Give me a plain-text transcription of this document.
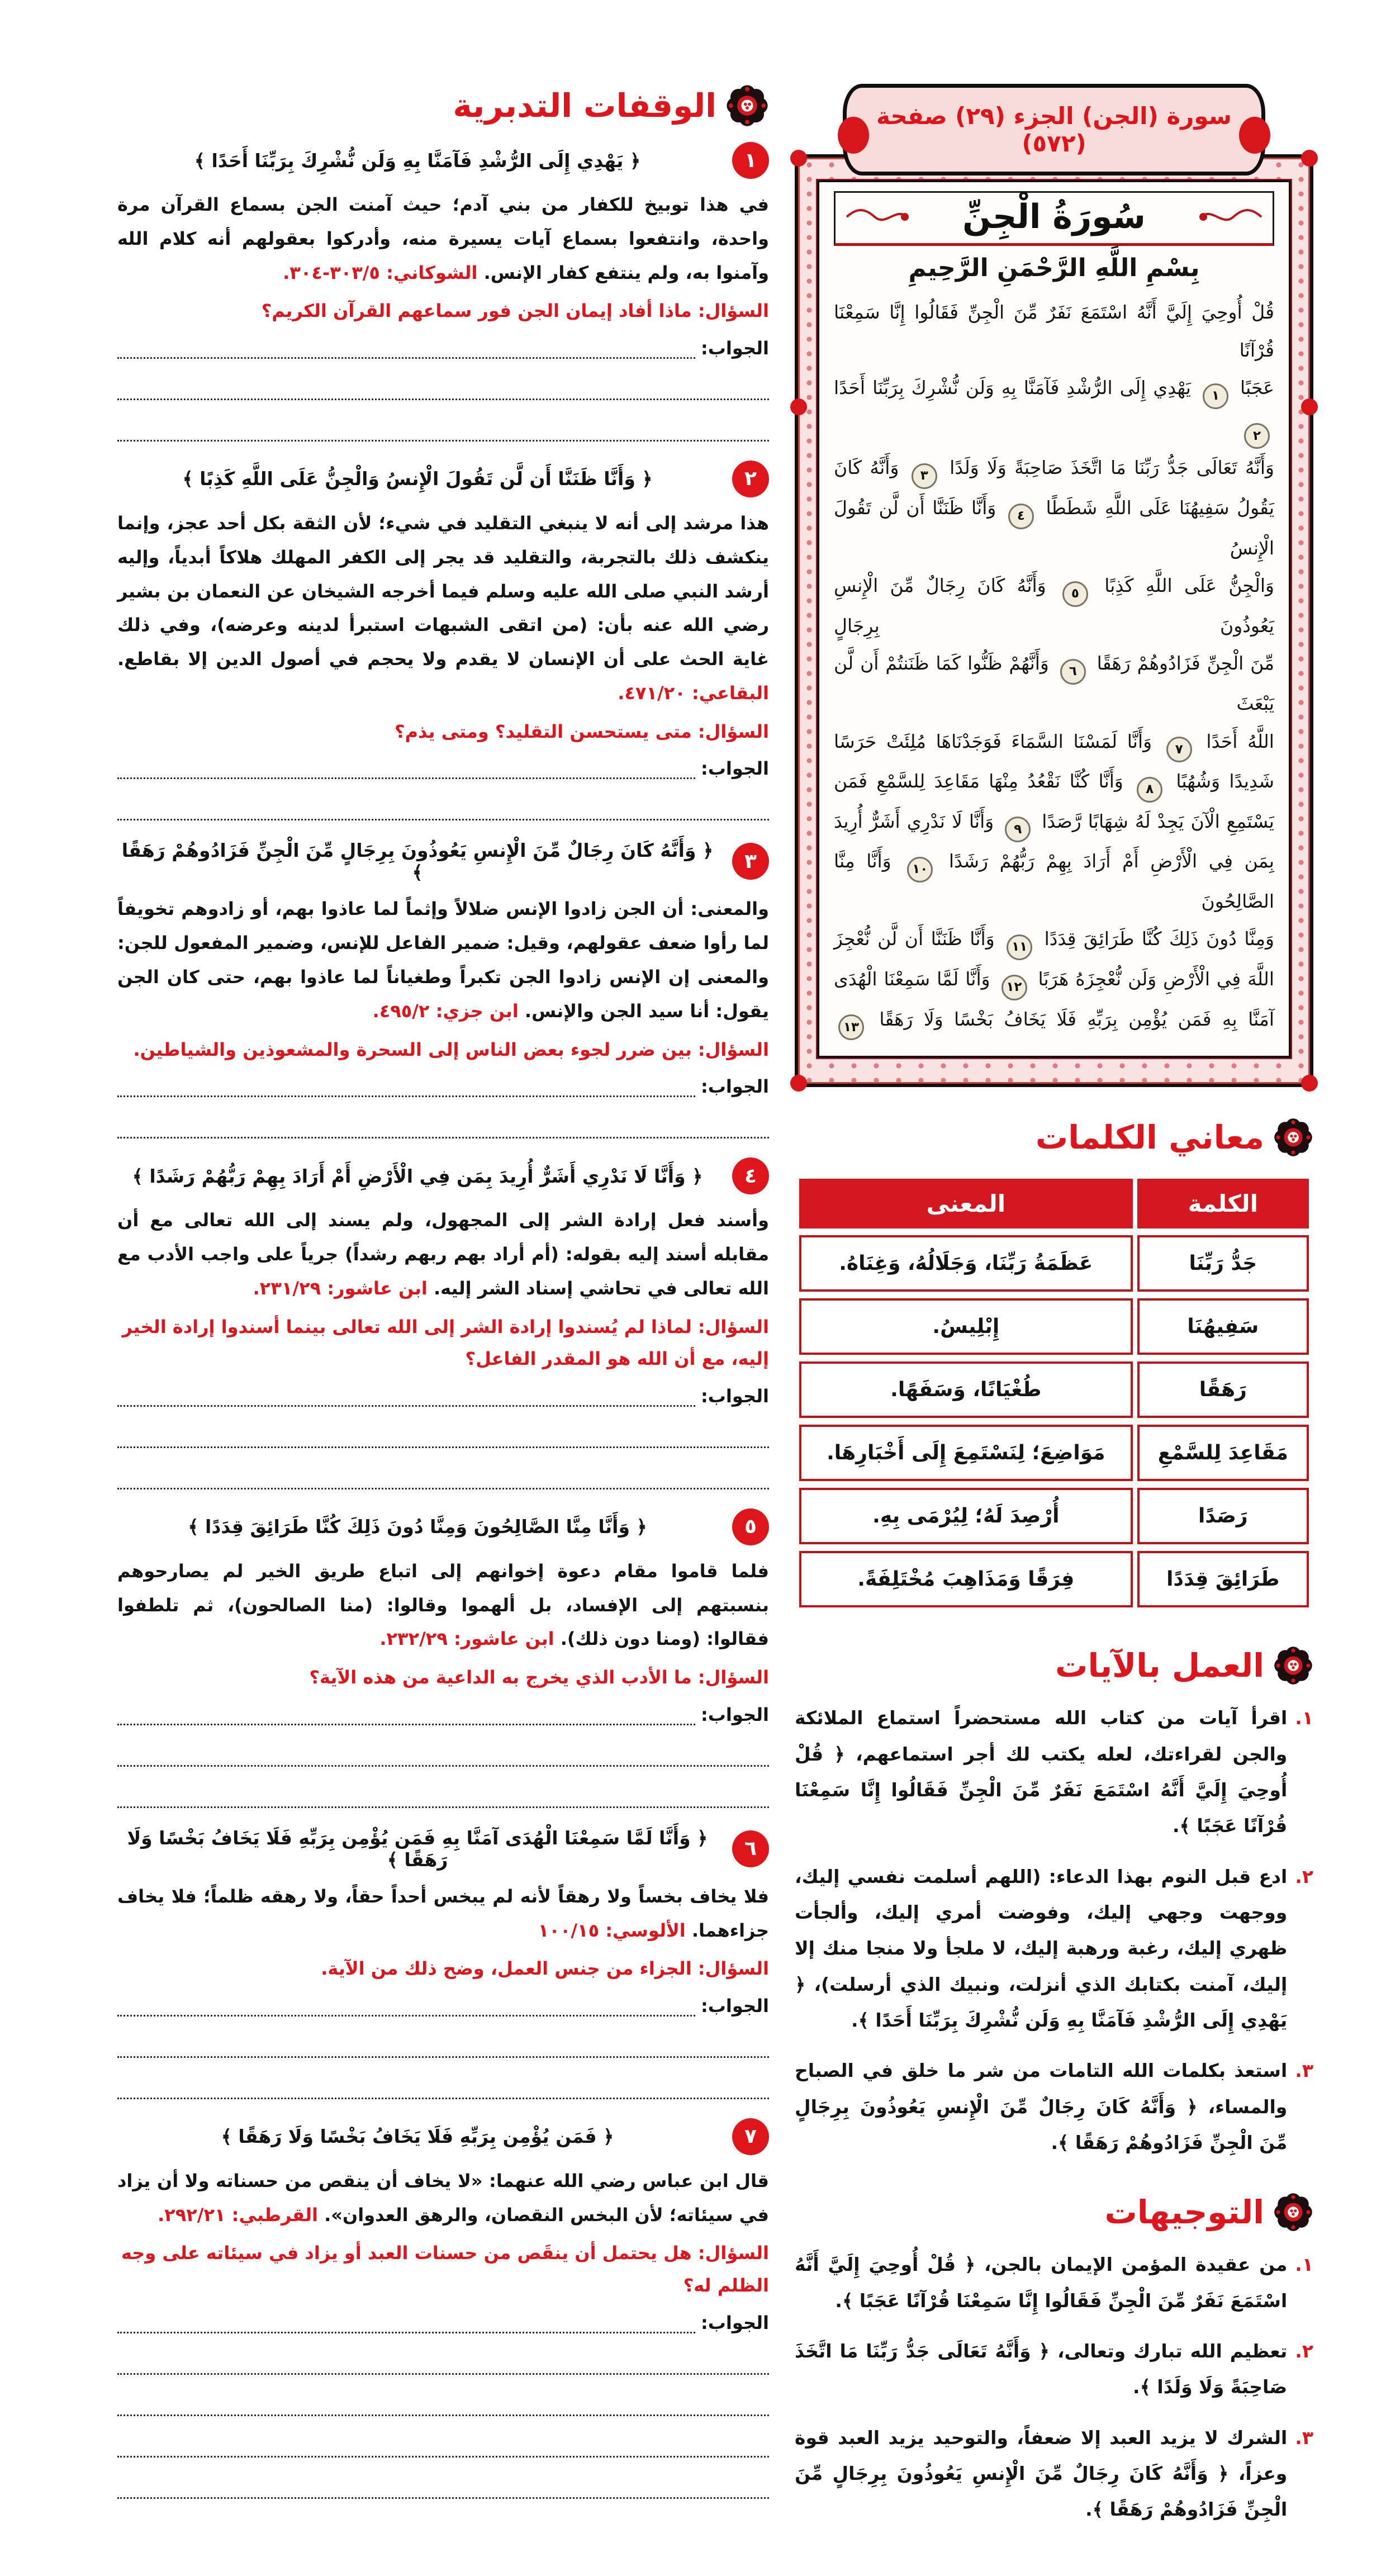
سورة (الجن) الجزء (٢٩) صفحة (٥٧٢)
سُورَةُ الْجِنِّ
بِسْمِ اللَّهِ الرَّحْمَنِ الرَّحِيمِ
قُلْ أُوحِيَ إِلَيَّ أَنَّهُ اسْتَمَعَ نَفَرٌ مِّنَ الْجِنِّ فَقَالُوا إِنَّا سَمِعْنَا قُرْآنًا
عَجَبًا ١ يَهْدِي إِلَى الرُّشْدِ فَآمَنَّا بِهِ وَلَن نُّشْرِكَ بِرَبِّنَا أَحَدًا ٢
وَأَنَّهُ تَعَالَى جَدُّ رَبِّنَا مَا اتَّخَذَ صَاحِبَةً وَلَا وَلَدًا ٣ وَأَنَّهُ كَانَ
يَقُولُ سَفِيهُنَا عَلَى اللَّهِ شَطَطًا ٤ وَأَنَّا ظَنَنَّا أَن لَّن تَقُولَ الْإِنسُ
وَالْجِنُّ عَلَى اللَّهِ كَذِبًا ٥ وَأَنَّهُ كَانَ رِجَالٌ مِّنَ الْإِنسِ يَعُوذُونَ بِرِجَالٍ
مِّنَ الْجِنِّ فَزَادُوهُمْ رَهَقًا ٦ وَأَنَّهُمْ ظَنُّوا كَمَا ظَنَنتُمْ أَن لَّن يَبْعَثَ
اللَّهُ أَحَدًا ٧ وَأَنَّا لَمَسْنَا السَّمَاءَ فَوَجَدْنَاهَا مُلِئَتْ حَرَسًا
شَدِيدًا وَشُهُبًا ٨ وَأَنَّا كُنَّا نَقْعُدُ مِنْهَا مَقَاعِدَ لِلسَّمْعِ فَمَن
يَسْتَمِعِ الْآنَ يَجِدْ لَهُ شِهَابًا رَّصَدًا ٩ وَأَنَّا لَا نَدْرِي أَشَرٌّ أُرِيدَ
بِمَن فِي الْأَرْضِ أَمْ أَرَادَ بِهِمْ رَبُّهُمْ رَشَدًا ١٠ وَأَنَّا مِنَّا الصَّالِحُونَ
وَمِنَّا دُونَ ذَلِكَ كُنَّا طَرَائِقَ قِدَدًا ١١ وَأَنَّا ظَنَنَّا أَن لَّن نُّعْجِزَ
اللَّهَ فِي الْأَرْضِ وَلَن نُّعْجِزَهُ هَرَبًا ١٢ وَأَنَّا لَمَّا سَمِعْنَا الْهُدَى
آمَنَّا بِهِ فَمَن يُؤْمِن بِرَبِّهِ فَلَا يَخَافُ بَخْسًا وَلَا رَهَقًا ١٣
معاني الكلمات
الكلمة	المعنى
جَدُّ رَبِّنَا	عَظَمَةُ رَبِّنَا، وَجَلَالُهُ، وَغِنَاهُ.
سَفِيهُنَا	إِبْلِيسُ.
رَهَقًا	طُغْيَانًا، وَسَفَهًا.
مَقَاعِدَ لِلسَّمْعِ	مَوَاضِعَ؛ لِنَسْتَمِعَ إِلَى أَخْبَارِهَا.
رَصَدًا	أُرْصِدَ لَهُ؛ لِيُرْمَى بِهِ.
طَرَائِقَ قِدَدًا	فِرَقًا وَمَذَاهِبَ مُخْتَلِفَةً.
العمل بالآيات
١.
اقرأ آيات من كتاب الله مستحضراً استماع الملائكة والجن لقراءتك، لعله يكتب لك أجر استماعهم، ﴿ قُلْ أُوحِيَ إِلَيَّ أَنَّهُ اسْتَمَعَ نَفَرٌ مِّنَ الْجِنِّ فَقَالُوا إِنَّا سَمِعْنَا قُرْآنًا عَجَبًا ﴾.
٢.
ادع قبل النوم بهذا الدعاء: (اللهم أسلمت نفسي إليك، ووجهت وجهي إليك، وفوضت أمري إليك، وألجأت ظهري إليك، رغبة ورهبة إليك، لا ملجأ ولا منجا منك إلا إليك، آمنت بكتابك الذي أنزلت، ونبيك الذي أرسلت)، ﴿ يَهْدِي إِلَى الرُّشْدِ فَآمَنَّا بِهِ وَلَن نُّشْرِكَ بِرَبِّنَا أَحَدًا ﴾.
٣.
استعذ بكلمات الله التامات من شر ما خلق في الصباح والمساء، ﴿ وَأَنَّهُ كَانَ رِجَالٌ مِّنَ الْإِنسِ يَعُوذُونَ بِرِجَالٍ مِّنَ الْجِنِّ فَزَادُوهُمْ رَهَقًا ﴾.
التوجيهات
١.
من عقيدة المؤمن الإيمان بالجن، ﴿ قُلْ أُوحِيَ إِلَيَّ أَنَّهُ اسْتَمَعَ نَفَرٌ مِّنَ الْجِنِّ فَقَالُوا إِنَّا سَمِعْنَا قُرْآنًا عَجَبًا ﴾.
٢.
تعظيم الله تبارك وتعالى، ﴿ وَأَنَّهُ تَعَالَى جَدُّ رَبِّنَا مَا اتَّخَذَ صَاحِبَةً وَلَا وَلَدًا ﴾.
٣.
الشرك لا يزيد العبد إلا ضعفاً، والتوحيد يزيد العبد قوة وعزاً، ﴿ وَأَنَّهُ كَانَ رِجَالٌ مِّنَ الْإِنسِ يَعُوذُونَ بِرِجَالٍ مِّنَ الْجِنِّ فَزَادُوهُمْ رَهَقًا ﴾.
الوقفات التدبرية
١
﴿ يَهْدِي إِلَى الرُّشْدِ فَآمَنَّا بِهِ وَلَن نُّشْرِكَ بِرَبِّنَا أَحَدًا ﴾

في هذا توبيخ للكفار من بني آدم؛ حيث آمنت الجن بسماع القرآن مرة واحدة، وانتفعوا بسماع آيات يسيرة منه، وأدركوا بعقولهم أنه كلام الله وآمنوا به، ولم ينتفع كفار الإنس. الشوكاني: ٣٠٣/٥-٣٠٤.

السؤال: ماذا أفاد إيمان الجن فور سماعهم القرآن الكريم؟

الجواب:
٢
﴿ وَأَنَّا ظَنَنَّا أَن لَّن تَقُولَ الْإِنسُ وَالْجِنُّ عَلَى اللَّهِ كَذِبًا ﴾

هذا مرشد إلى أنه لا ينبغي التقليد في شيء؛ لأن الثقة بكل أحد عجز، وإنما ينكشف ذلك بالتجربة، والتقليد قد يجر إلى الكفر المهلك هلاكاً أبدياً، وإليه أرشد النبي صلى الله عليه وسلم فيما أخرجه الشيخان عن النعمان بن بشير رضي الله عنه بأن: (من اتقى الشبهات استبرأ لدينه وعرضه)، وفي ذلك غاية الحث على أن الإنسان لا يقدم ولا يحجم في أصول الدين إلا بقاطع. البقاعي: ٤٧١/٢٠.

السؤال: متى يستحسن التقليد؟ ومتى يذم؟

الجواب:
٣
﴿ وَأَنَّهُ كَانَ رِجَالٌ مِّنَ الْإِنسِ يَعُوذُونَ بِرِجَالٍ مِّنَ الْجِنِّ فَزَادُوهُمْ رَهَقًا ﴾

والمعنى: أن الجن زادوا الإنس ضلالاً وإثماً لما عاذوا بهم، أو زادوهم تخويفاً لما رأوا ضعف عقولهم، وقيل: ضمير الفاعل للإنس، وضمير المفعول للجن: والمعنى إن الإنس زادوا الجن تكبراً وطغياناً لما عاذوا بهم، حتى كان الجن يقول: أنا سيد الجن والإنس. ابن جزي: ٤٩٥/٢.

السؤال: بين ضرر لجوء بعض الناس إلى السحرة والمشعوذين والشياطين.

الجواب:
٤
﴿ وَأَنَّا لَا نَدْرِي أَشَرٌّ أُرِيدَ بِمَن فِي الْأَرْضِ أَمْ أَرَادَ بِهِمْ رَبُّهُمْ رَشَدًا ﴾

وأسند فعل إرادة الشر إلى المجهول، ولم يسند إلى الله تعالى مع أن مقابله أسند إليه بقوله: (أم أراد بهم ربهم رشداً) جرياً على واجب الأدب مع الله تعالى في تحاشي إسناد الشر إليه. ابن عاشور: ٢٣١/٢٩.

السؤال: لماذا لم يُسندوا إرادة الشر إلى الله تعالى بينما أسندوا إرادة الخير إليه، مع أن الله هو المقدر الفاعل؟

الجواب:
٥
﴿ وَأَنَّا مِنَّا الصَّالِحُونَ وَمِنَّا دُونَ ذَلِكَ كُنَّا طَرَائِقَ قِدَدًا ﴾

فلما قاموا مقام دعوة إخوانهم إلى اتباع طريق الخير لم يصارحوهم بنسبتهم إلى الإفساد، بل ألهموا وقالوا: (منا الصالحون)، ثم تلطفوا فقالوا: (ومنا دون ذلك). ابن عاشور: ٢٣٢/٢٩.

السؤال: ما الأدب الذي يخرج به الداعية من هذه الآية؟

الجواب:
٦
﴿ وَأَنَّا لَمَّا سَمِعْنَا الْهُدَى آمَنَّا بِهِ فَمَن يُؤْمِن بِرَبِّهِ فَلَا يَخَافُ بَخْسًا وَلَا رَهَقًا ﴾

فلا يخاف بخساً ولا رهقاً لأنه لم يبخس أحداً حقاً، ولا رهقه ظلماً؛ فلا يخاف جزاءهما. الألوسي: ١٠٠/١٥

السؤال: الجزاء من جنس العمل، وضح ذلك من الآية.

الجواب:
٧
﴿ فَمَن يُؤْمِن بِرَبِّهِ فَلَا يَخَافُ بَخْسًا وَلَا رَهَقًا ﴾

قال ابن عباس رضي الله عنهما: «لا يخاف أن ينقص من حسناته ولا أن يزاد في سيئاته؛ لأن البخس النقصان، والرهق العدوان». القرطبي: ٢٩٢/٢١.

السؤال: هل يحتمل أن ينقَص من حسنات العبد أو يزاد في سيئاته على وجه الظلم له؟

الجواب:
